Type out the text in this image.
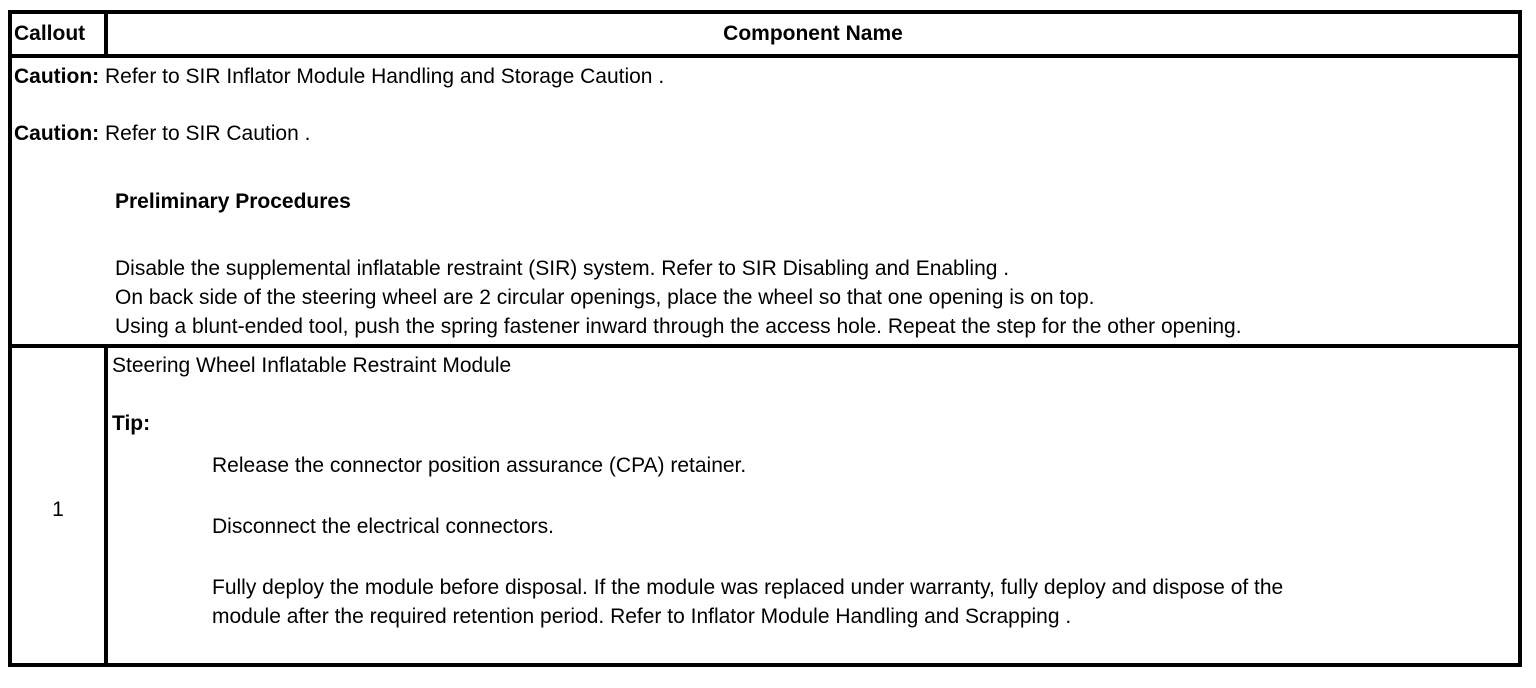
Callout	Component Name
Caution: Refer to SIR Inflator Module Handling and Storage Caution .
Caution: Refer to SIR Caution .
Preliminary Procedures
Disable the supplemental inflatable restraint (SIR) system. Refer to SIR Disabling and Enabling .
On back side of the steering wheel are 2 circular openings, place the wheel so that one opening is on top.
Using a blunt-ended tool, push the spring fastener inward through the access hole. Repeat the step for the other opening.
1
Steering Wheel Inflatable Restraint Module
Tip:
Release the connector position assurance (CPA) retainer.
Disconnect the electrical connectors.
Fully deploy the module before disposal. If the module was replaced under warranty, fully deploy and dispose of the
module after the required retention period. Refer to Inflator Module Handling and Scrapping .
